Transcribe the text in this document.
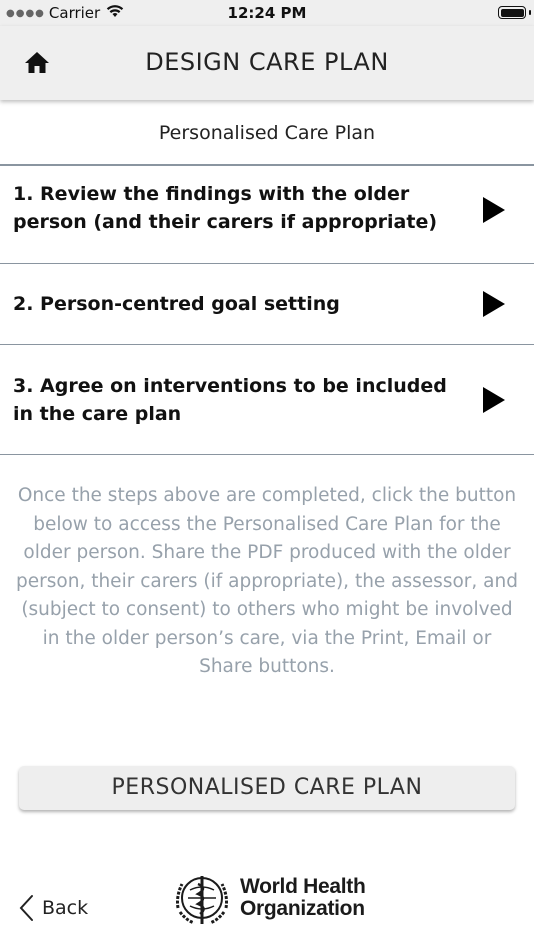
●●●● Carrier	12:24 PM
DESIGN CARE PLAN
Personalised Care Plan
1. Review the findings with the older person (and their carers if appropriate)
2. Person-centred goal setting
3. Agree on interventions to be included in the care plan
Once the steps above are completed, click the button below to access the Personalised Care Plan for the older person. Share the PDF produced with the older person, their carers (if appropriate), the assessor, and (subject to consent) to others who might be involved in the older person’s care, via the Print, Email or Share buttons.
PERSONALISED CARE PLAN
Back
World Health
Organization
